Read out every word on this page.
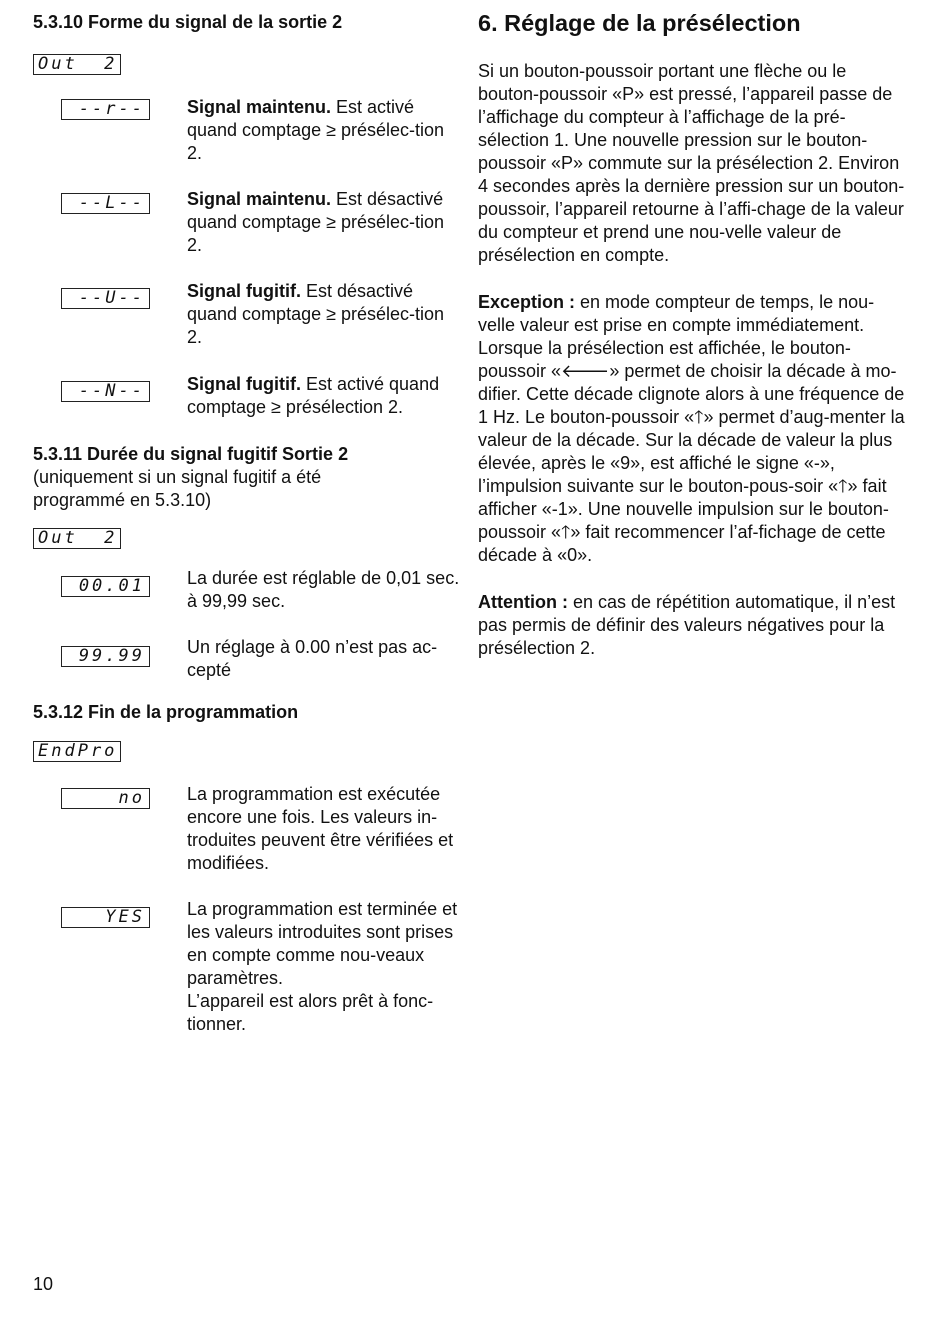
5.3.10 Forme du signal de la sortie 2
Out  2
--r-- Signal maintenu. Est activé quand comptage ≥ présélec-tion 2.
--L-- Signal maintenu. Est désactivé quand comptage ≥ présélec-tion 2.
--U-- Signal fugitif. Est désactivé quand comptage ≥ présélec-tion 2.
--N-- Signal fugitif. Est activé quand comptage ≥ présélection 2.
5.3.11 Durée du signal fugitif Sortie 2
(uniquement si un signal fugitif a été programmé en 5.3.10)
Out  2
00.01 La durée est réglable de 0,01 sec. à 99,99 sec.
99.99 Un réglage à 0.00 n’est pas ac-cepté
5.3.12 Fin de la programmation
EndPro
no La programmation est exécutée encore une fois. Les valeurs in-troduites peuvent être vérifiées et modifiées.
YES La programmation est terminée et les valeurs introduites sont prises en compte comme nou-veaux paramètres.
L’appareil est alors prêt à fonc-tionner.
6. Réglage de la présélection
Si un bouton-poussoir portant une flèche ou le bouton-poussoir «P» est pressé, l’appareil passe de l’affichage du compteur à l’affichage de la pré-sélection 1. Une nouvelle pression sur le bouton-poussoir «P» commute sur la présélection 2. Environ 4 secondes après la dernière pression sur un bouton-poussoir, l’appareil retourne à l’affi-chage de la valeur du compteur et prend une nou-velle valeur de présélection en compte.
Exception : en mode compteur de temps, le nou-velle valeur est prise en compte immédiatement. Lorsque la présélection est affichée, le bouton-poussoir «🡐» permet de choisir la décade à mo-difier. Cette décade clignote alors à une fréquence de 1 Hz. Le bouton-poussoir «🡑» permet d’aug-menter la valeur de la décade. Sur la décade de valeur la plus élevée, après le «9», est affiché le signe «-», l’impulsion suivante sur le bouton-pous-soir «🡑» fait afficher «-1». Une nouvelle impulsion sur le bouton-poussoir «🡑» fait recommencer l’af-fichage de cette décade à «0».
Attention : en cas de répétition automatique, il n’est pas permis de définir des valeurs négatives pour la présélection 2.
10
